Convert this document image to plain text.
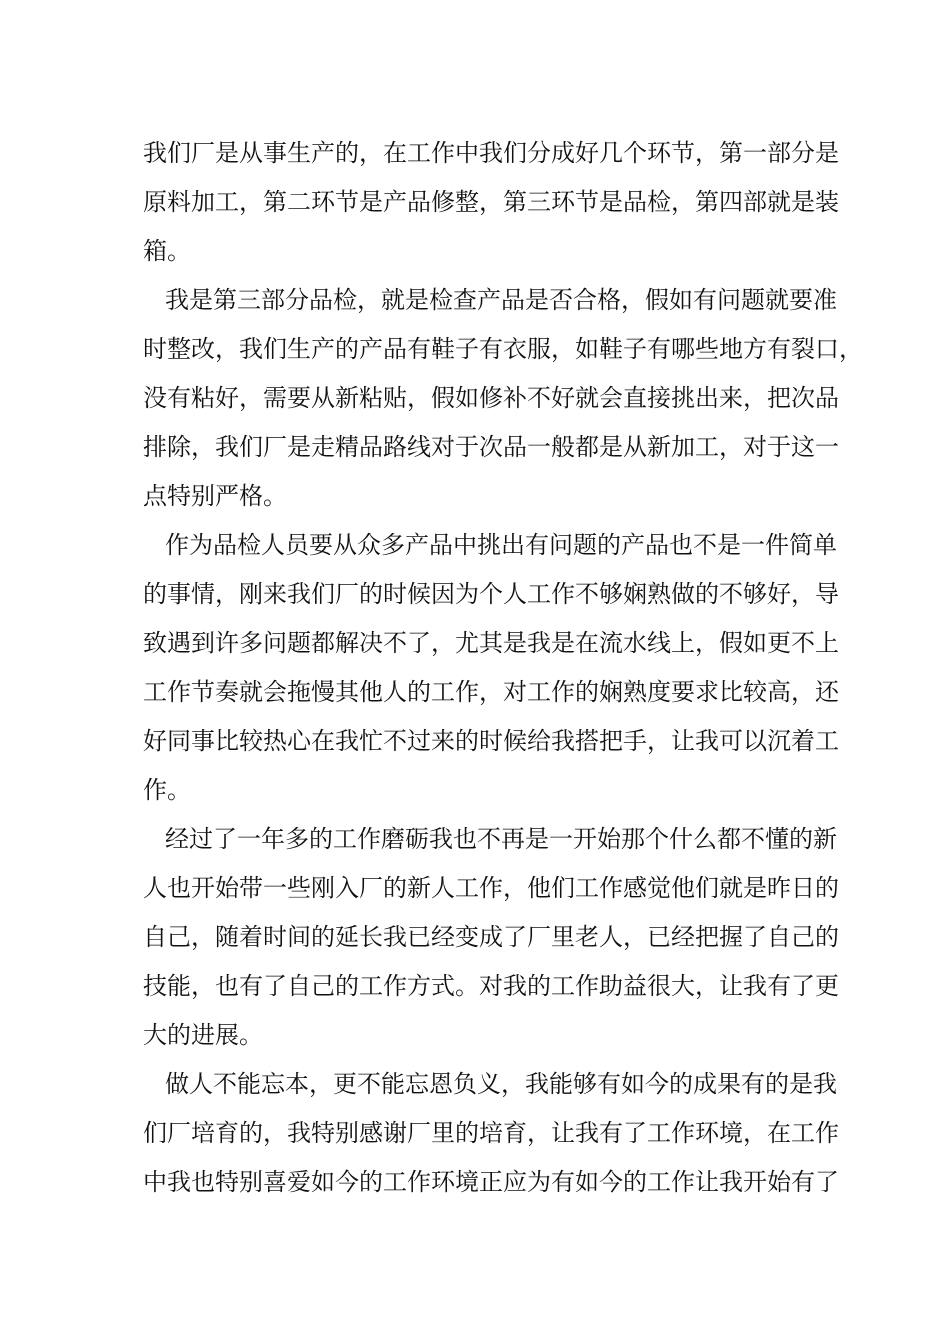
我们厂是从事生产的，在工作中我们分成好几个环节，第一部分是
原料加工，第二环节是产品修整，第三环节是品检，第四部就是装
箱。
我是第三部分品检，就是检查产品是否合格，假如有问题就要准
时整改，我们生产的产品有鞋子有衣服，如鞋子有哪些地方有裂口，
没有粘好，需要从新粘贴，假如修补不好就会直接挑出来，把次品
排除，我们厂是走精品路线对于次品一般都是从新加工，对于这一
点特别严格。
作为品检人员要从众多产品中挑出有问题的产品也不是一件简单
的事情，刚来我们厂的时候因为个人工作不够娴熟做的不够好，导
致遇到许多问题都解决不了，尤其是我是在流水线上，假如更不上
工作节奏就会拖慢其他人的工作，对工作的娴熟度要求比较高，还
好同事比较热心在我忙不过来的时候给我搭把手，让我可以沉着工
作。
经过了一年多的工作磨砺我也不再是一开始那个什么都不懂的新
人也开始带一些刚入厂的新人工作，他们工作感觉他们就是昨日的
自己，随着时间的延长我已经变成了厂里老人，已经把握了自己的
技能，也有了自己的工作方式。对我的工作助益很大，让我有了更
大的进展。
做人不能忘本，更不能忘恩负义，我能够有如今的成果有的是我
们厂培育的，我特别感谢厂里的培育，让我有了工作环境，在工作
中我也特别喜爱如今的工作环境正应为有如今的工作让我开始有了
